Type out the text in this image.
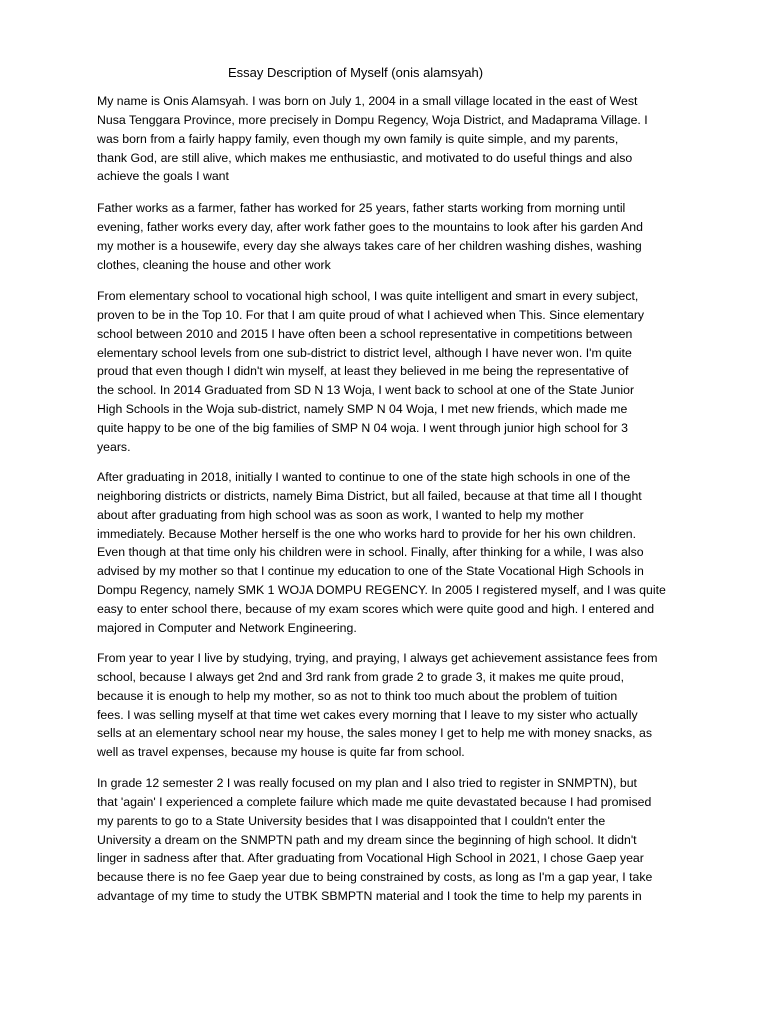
Essay Description of Myself (onis alamsyah)

My name is Onis Alamsyah. I was born on July 1, 2004 in a small village located in the east of West
Nusa Tenggara Province, more precisely in Dompu Regency, Woja District, and Madaprama Village. I
was born from a fairly happy family, even though my own family is quite simple, and my parents,
thank God, are still alive, which makes me enthusiastic, and motivated to do useful things and also
achieve the goals I want

Father works as a farmer, father has worked for 25 years, father starts working from morning until
evening, father works every day, after work father goes to the mountains to look after his garden And
my mother is a housewife, every day she always takes care of her children washing dishes, washing
clothes, cleaning the house and other work

From elementary school to vocational high school, I was quite intelligent and smart in every subject,
proven to be in the Top 10. For that I am quite proud of what I achieved when This. Since elementary
school between 2010 and 2015 I have often been a school representative in competitions between
elementary school levels from one sub-district to district level, although I have never won. I'm quite
proud that even though I didn't win myself, at least they believed in me being the representative of
the school. In 2014 Graduated from SD N 13 Woja, I went back to school at one of the State Junior
High Schools in the Woja sub-district, namely SMP N 04 Woja, I met new friends, which made me
quite happy to be one of the big families of SMP N 04 woja. I went through junior high school for 3
years.

After graduating in 2018, initially I wanted to continue to one of the state high schools in one of the
neighboring districts or districts, namely Bima District, but all failed, because at that time all I thought
about after graduating from high school was as soon as work, I wanted to help my mother
immediately. Because Mother herself is the one who works hard to provide for her his own children.
Even though at that time only his children were in school. Finally, after thinking for a while, I was also
advised by my mother so that I continue my education to one of the State Vocational High Schools in
Dompu Regency, namely SMK 1 WOJA DOMPU REGENCY. In 2005 I registered myself, and I was quite
easy to enter school there, because of my exam scores which were quite good and high. I entered and
majored in Computer and Network Engineering.

From year to year I live by studying, trying, and praying, I always get achievement assistance fees from
school, because I always get 2nd and 3rd rank from grade 2 to grade 3, it makes me quite proud,
because it is enough to help my mother, so as not to think too much about the problem of tuition
fees. I was selling myself at that time wet cakes every morning that I leave to my sister who actually
sells at an elementary school near my house, the sales money I get to help me with money snacks, as
well as travel expenses, because my house is quite far from school.

In grade 12 semester 2 I was really focused on my plan and I also tried to register in SNMPTN), but
that 'again' I experienced a complete failure which made me quite devastated because I had promised
my parents to go to a State University besides that I was disappointed that I couldn't enter the
University a dream on the SNMPTN path and my dream since the beginning of high school. It didn't
linger in sadness after that. After graduating from Vocational High School in 2021, I chose Gaep year
because there is no fee Gaep year due to being constrained by costs, as long as I'm a gap year, I take
advantage of my time to study the UTBK SBMPTN material and I took the time to help my parents in
